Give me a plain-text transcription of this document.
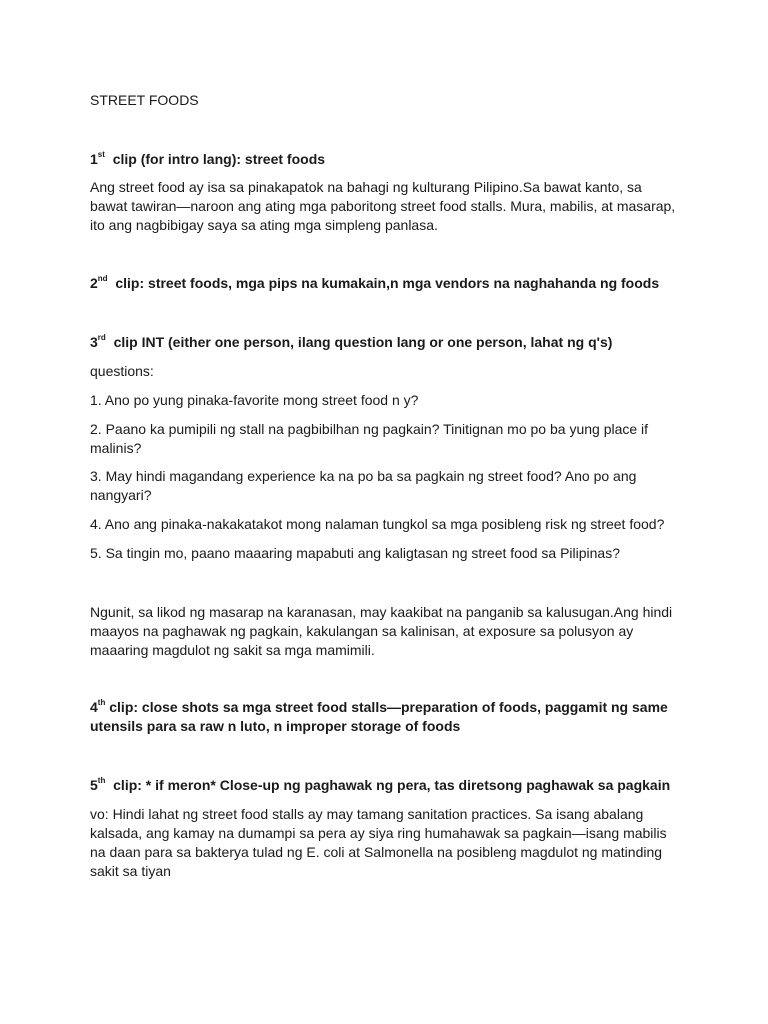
STREET FOODS

1st  clip (for intro lang): street foods

Ang street food ay isa sa pinakapatok na bahagi ng kulturang Pilipino.Sa bawat kanto, sa bawat tawiran—naroon ang ating mga paboritong street food stalls. Mura, mabilis, at masarap, ito ang nagbibigay saya sa ating mga simpleng panlasa.

2nd  clip: street foods, mga pips na kumakain,n mga vendors na naghahanda ng foods

3rd  clip INT (either one person, ilang question lang or one person, lahat ng q's)

questions:

1. Ano po yung pinaka-favorite mong street food n y?

2. Paano ka pumipili ng stall na pagbibilhan ng pagkain? Tinitignan mo po ba yung place if malinis?

3. May hindi magandang experience ka na po ba sa pagkain ng street food? Ano po ang nangyari?

4. Ano ang pinaka-nakakatakot mong nalaman tungkol sa mga posibleng risk ng street food?

5. Sa tingin mo, paano maaaring mapabuti ang kaligtasan ng street food sa Pilipinas?

Ngunit, sa likod ng masarap na karanasan, may kaakibat na panganib sa kalusugan.Ang hindi maayos na paghawak ng pagkain, kakulangan sa kalinisan, at exposure sa polusyon ay maaaring magdulot ng sakit sa mga mamimili.

4th clip: close shots sa mga street food stalls—preparation of foods, paggamit ng same utensils para sa raw n luto, n improper storage of foods

5th  clip: * if meron* Close-up ng paghawak ng pera, tas diretsong paghawak sa pagkain

vo: Hindi lahat ng street food stalls ay may tamang sanitation practices. Sa isang abalang kalsada, ang kamay na dumampi sa pera ay siya ring humahawak sa pagkain—isang mabilis na daan para sa bakterya tulad ng E. coli at Salmonella na posibleng magdulot ng matinding sakit sa tiyan
